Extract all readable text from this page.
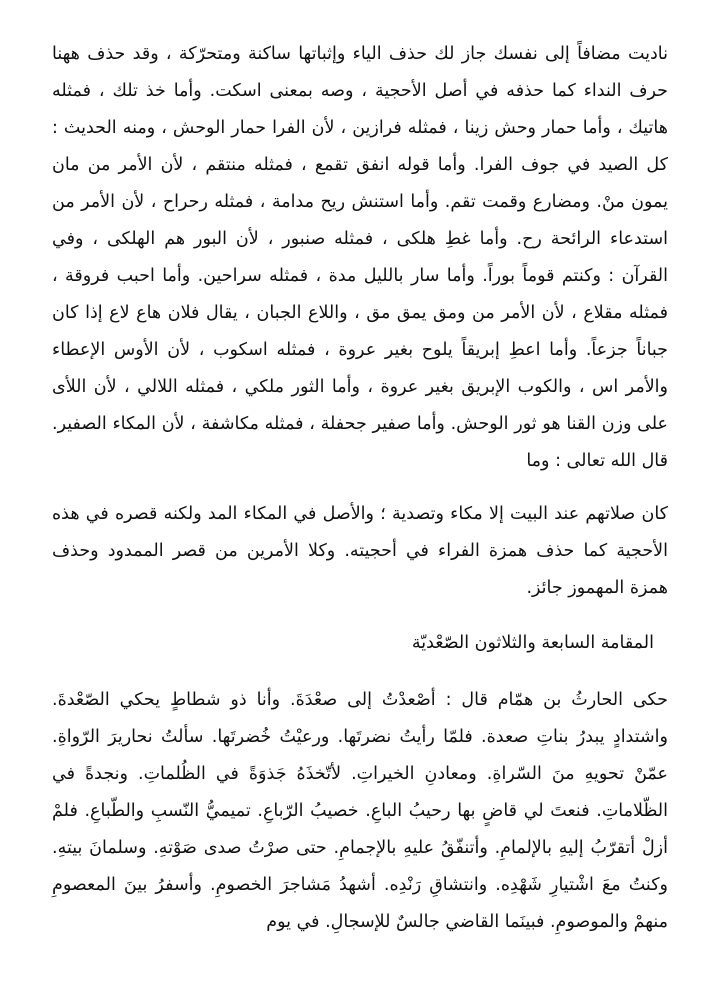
ناديت مضافاً إلى نفسك جاز لك حذف الياء وإثباتها ساكنة ومتحرّكة ، وقد حذف ههنا حرف النداء كما حذفه في أصل الأحجية ، وصه بمعنى اسكت. وأما خذ تلك ، فمثله هاتيك ، وأما حمار وحش زينا ، فمثله فرازين ، لأن الفرا حمار الوحش ، ومنه الحديث : كل الصيد في جوف الفرا. وأما قوله انفق تقمع ، فمثله منتقم ، لأن الأمر من مان يمون منْ. ومضارع وقمت تقم. وأما استنش ريح مدامة ، فمثله رحراح ، لأن الأمر من استدعاء الرائحة رح. وأما غطِ هلكى ، فمثله صنبور ، لأن البور هم الهلكى ، وفي القرآن : وكنتم قوماً بوراً. وأما سار بالليل مدة ، فمثله سراحين. وأما احبب فروقة ، فمثله مقلاع ، لأن الأمر من ومق يمق مق ، واللاع الجبان ، يقال فلان هاع لاع إذا كان جباناً جزعاً. وأما اعطِ إبريقاً يلوح بغير عروة ، فمثله اسكوب ، لأن الأوس الإعطاء والأمر اس ، والكوب الإبريق بغير عروة ، وأما الثور ملكي ، فمثله اللالي ، لأن اللأى على وزن القنا هو ثور الوحش. وأما صفير جحفلة ، فمثله مكاشفة ، لأن المكاء الصفير. قال الله تعالى : وما

كان صلاتهم عند البيت إلا مكاء وتصدية ؛ والأصل في المكاء المد ولكنه قصره في هذه الأحجية كما حذف همزة الفراء في أحجيته. وكلا الأمرين من قصر الممدود وحذف همزة المهموز جائز.

المقامة السابعة والثلاثون الصّعْديّة

حكى الحارثُ بن همّام قال : أصْعدْتُ إلى صعْدَةَ. وأنا ذو شطاطٍ يحكي الصّعْدةَ. واشتدادٍ يبدرُ بناتِ صعدة. فلمّا رأيتُ نضرتَها. ورعيْتُ خُضرتَها. سألتُ نحاريرَ الرّواةِ. عمّنْ تحويهِ منَ السّراةِ. ومعادنِ الخيراتِ. لأتّخذَهُ جَذوَةً في الظُلماتِ. ونجدةً في الظّلاماتِ. فنعتَ لي قاضٍ بها رحيبُ الباعِ. خصيبُ الرّباعِ. تميميُّ النّسبِ والطّباعِ. فلمْ أزلْ أتقرّبُ إليهِ بالإلمامِ. وأتنفّقُ عليهِ بالإجمامِ. حتى صرْتُ صدى صَوْتهِ. وسلمانَ بيتهِ. وكنتُ معَ اشْتيارِ شَهْدِه. وانتشاقِ رَنْدِه. أشهدُ مَشاجرَ الخصومِ. وأسفرُ بينَ المعصومِ منهمْ والموصومِ. فبينَما القاضي جالسٌ للإسجالِ. في يوم
